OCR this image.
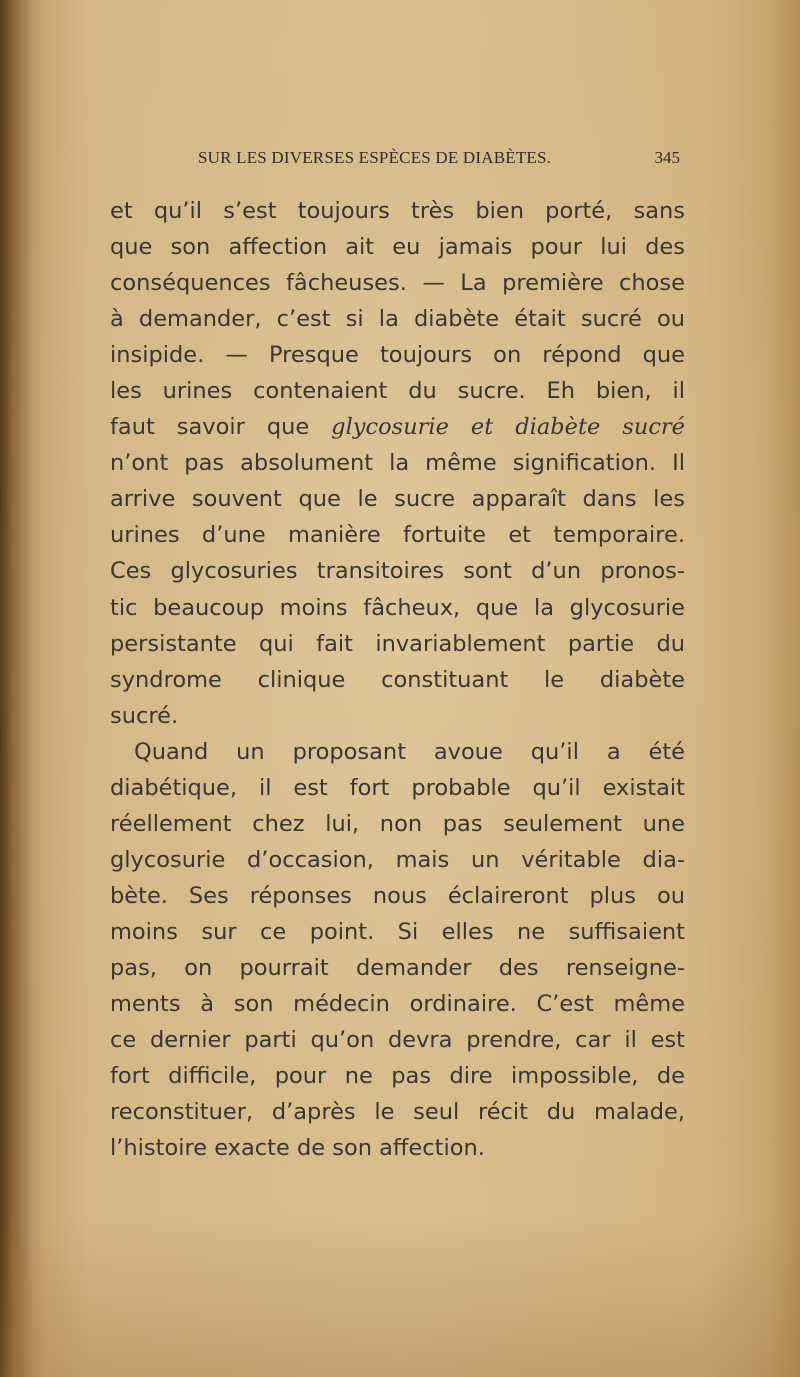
SUR LES DIVERSES ESPÈCES DE DIABÈTES.	345
et qu’il s’est toujours très bien porté, sans
que son affection ait eu jamais pour lui des
conséquences fâcheuses. — La première chose
à demander, c’est si la diabète était sucré ou
insipide. — Presque toujours on répond que
les urines contenaient du sucre. Eh bien, il
faut savoir que glycosurie et diabète sucré
n’ont pas absolument la même signification. Il
arrive souvent que le sucre apparaît dans les
urines d’une manière fortuite et temporaire.
Ces glycosuries transitoires sont d’un pronos-
tic beaucoup moins fâcheux, que la glycosurie
persistante qui fait invariablement partie du
syndrome clinique constituant le diabète
sucré.
Quand un proposant avoue qu’il a été
diabétique, il est fort probable qu’il existait
réellement chez lui, non pas seulement une
glycosurie d’occasion, mais un véritable dia-
bète. Ses réponses nous éclaireront plus ou
moins sur ce point. Si elles ne suffisaient
pas, on pourrait demander des renseigne-
ments à son médecin ordinaire. C’est même
ce dernier parti qu’on devra prendre, car il est
fort difficile, pour ne pas dire impossible, de
reconstituer, d’après le seul récit du malade,
l’histoire exacte de son affection.
